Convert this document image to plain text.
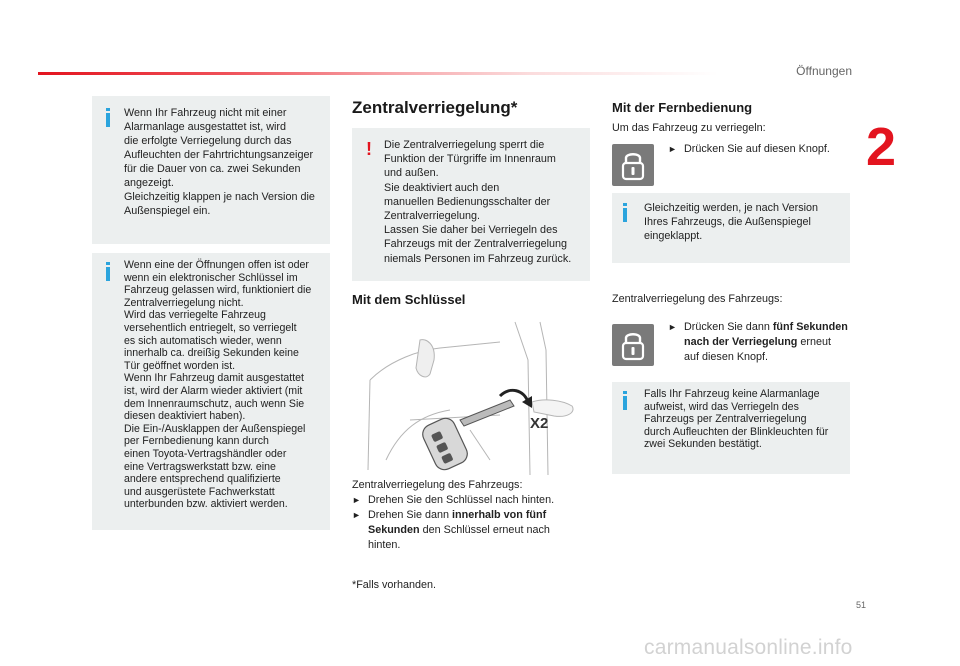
Öffnungen
2
Wenn Ihr Fahrzeug nicht mit einer
Alarmanlage ausgestattet ist, wird
die erfolgte Verriegelung durch das
Aufleuchten der Fahrtrichtungsanzeiger
für die Dauer von ca. zwei Sekunden
angezeigt.
Gleichzeitig klappen je nach Version die
Außenspiegel ein.
Wenn eine der Öffnungen offen ist oder
wenn ein elektronischer Schlüssel im
Fahrzeug gelassen wird, funktioniert die
Zentralverriegelung nicht.
Wird das verriegelte Fahrzeug
versehentlich entriegelt, so verriegelt
es sich automatisch wieder, wenn
innerhalb ca. dreißig Sekunden keine
Tür geöffnet worden ist.
Wenn Ihr Fahrzeug damit ausgestattet
ist, wird der Alarm wieder aktiviert (mit
dem Innenraumschutz, auch wenn Sie
diesen deaktiviert haben).
Die Ein-/Ausklappen der Außenspiegel
per Fernbedienung kann durch
einen Toyota-Vertragshändler oder
eine Vertragswerkstatt bzw. eine
andere entsprechend qualifizierte
und ausgerüstete Fachwerkstatt
unterbunden bzw. aktiviert werden.
Zentralverriegelung*
! Die Zentralverriegelung sperrt die
Funktion der Türgriffe im Innenraum
und außen.
Sie deaktiviert auch den
manuellen Bedienungsschalter der
Zentralverriegelung.
Lassen Sie daher bei Verriegeln des
Fahrzeugs mit der Zentralverriegelung
niemals Personen im Fahrzeug zurück.
Mit dem Schlüssel
X2
Zentralverriegelung des Fahrzeugs:
► Drehen Sie den Schlüssel nach hinten.
► Drehen Sie dann innerhalb von fünf
Sekunden den Schlüssel erneut nach
hinten.
*Falls vorhanden.
Mit der Fernbedienung
Um das Fahrzeug zu verriegeln:
► Drücken Sie auf diesen Knopf.
Gleichzeitig werden, je nach Version
Ihres Fahrzeugs, die Außenspiegel
eingeklappt.
Zentralverriegelung des Fahrzeugs:
► Drücken Sie dann fünf Sekunden
nach der Verriegelung erneut
auf diesen Knopf.
Falls Ihr Fahrzeug keine Alarmanlage
aufweist, wird das Verriegeln des
Fahrzeugs per Zentralverriegelung
durch Aufleuchten der Blinkleuchten für
zwei Sekunden bestätigt.
51
carmanualsonline.info
